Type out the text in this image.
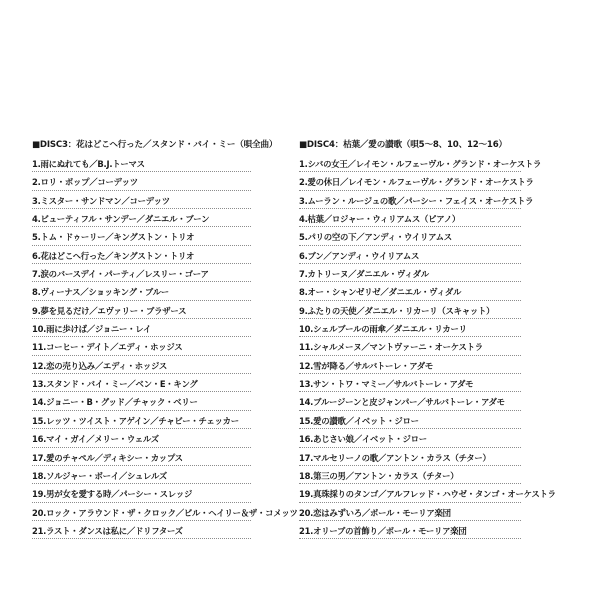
■DISC3：花はどこへ行った／スタンド・バイ・ミー（唄全曲）
1.雨にぬれても／B.J.トーマス
2.ロリ・ポップ／コーデッツ
3.ミスター・サンドマン／コーデッツ
4.ビューティフル・サンデー／ダニエル・ブーン
5.トム・ドゥーリー／キングストン・トリオ
6.花はどこへ行った／キングストン・トリオ
7.涙のバースデイ・パーティ／レスリー・ゴーア
8.ヴィーナス／ショッキング・ブルー
9.夢を見るだけ／エヴァリー・ブラザース
10.雨に歩けば／ジョニー・レイ
11.コーヒー・デイト／エディ・ホッジス
12.恋の売り込み／エディ・ホッジス
13.スタンド・バイ・ミー／ベン・E・キング
14.ジョニー・B・グッド／チャック・ベリー
15.レッツ・ツイスト・アゲイン／チャビー・チェッカー
16.マイ・ガイ／メリー・ウェルズ
17.愛のチャペル／ディキシー・カップス
18.ソルジャー・ボーイ／シュレルズ
19.男が女を愛する時／パーシー・スレッジ
20.ロック・アラウンド・ザ・クロック／ビル・ヘイリー＆ザ・コメッツ
21.ラスト・ダンスは私に／ドリフターズ
■DISC4：枯葉／愛の讃歌（唄5〜8、10、12〜16）
1.シバの女王／レイモン・ルフェーヴル・グランド・オーケストラ
2.愛の休日／レイモン・ルフェーヴル・グランド・オーケストラ
3.ムーラン・ルージュの歌／パーシー・フェイス・オーケストラ
4.枯葉／ロジャー・ウィリアムス（ピアノ）
5.パリの空の下／アンディ・ウイリアムス
6.ブン／アンディ・ウイリアムス
7.カトリーヌ／ダニエル・ヴィダル
8.オー・シャンゼリゼ／ダニエル・ヴィダル
9.ふたりの天使／ダニエル・リカーリ（スキャット）
10.シェルブールの雨傘／ダニエル・リカーリ
11.シャルメーヌ／マントヴァーニ・オーケストラ
12.雪が降る／サルバトーレ・アダモ
13.サン・トワ・マミー／サルバトーレ・アダモ
14.ブルージーンと皮ジャンパー／サルバトーレ・アダモ
15.愛の讃歌／イベット・ジロー
16.あじさい娘／イベット・ジロー
17.マルセリーノの歌／アントン・カラス（チター）
18.第三の男／アントン・カラス（チター）
19.真珠採りのタンゴ／アルフレッド・ハウゼ・タンゴ・オーケストラ
20.恋はみずいろ／ポール・モーリア楽団
21.オリーブの首飾り／ポール・モーリア楽団
